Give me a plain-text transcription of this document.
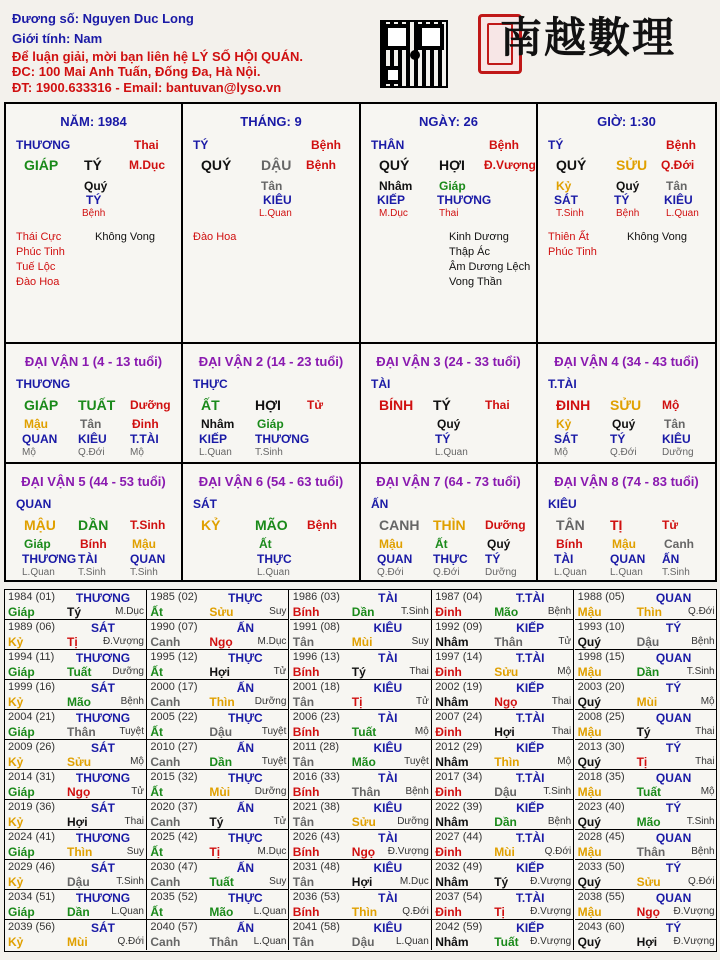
Đương số: Nguyen Duc Long
Giới tính: Nam
Để luận giải, mời bạn liên hệ LÝ SỐ HỘI QUÁN.
ĐC: 100 Mai Anh Tuấn, Đống Đa, Hà Nội.
ĐT: 1900.633316 - Email: bantuvan@lyso.vn
南越數理
NĂM: 1984
THƯƠNG	Thai
GIÁP TÝ M.Dục
Quý
TÝ
Bệnh
Thái Cực
Phúc Tinh
Tuế Lộc
Đào Hoa
Không Vong
THÁNG: 9
TÝ	Bệnh
QUÝ DẬU Bệnh
Tân
KIÊU
L.Quan
Đào Hoa
NGÀY: 26
THÂN	Bệnh
QUÝ HỢI Đ.Vượng
Nhâm
KIẾP
M.Dục
Giáp
THƯƠNG
Thai
Kinh Dương
Thập Ác
Âm Dương Lệch
Vong Thần
GIỜ: 1:30
TÝ	Bệnh
QUÝ SỬU Q.Đới
Kỷ
SÁT
T.Sinh
Quý
TÝ
Bệnh
Tân
KIÊU
L.Quan
Thiên Ất
Phúc Tinh
Không Vong
ĐẠI VẬN 1 (4 - 13 tuổi)
THƯƠNG
GIÁP TUẤT Dưỡng
Mậu
QUAN
Mộ
Tân
KIÊU
Q.Đới
Đinh
T.TÀI
Mộ
ĐẠI VẬN 2 (14 - 23 tuổi)
THỰC
ẤT	HỢI Tử
Nhâm
KIẾP
L.Quan
Giáp
THƯƠNG
T.Sinh
ĐẠI VẬN 3 (24 - 33 tuổi)
TÀI
BÍNH TÝ	Thai
Quý
TÝ
L.Quan
ĐẠI VẬN 4 (34 - 43 tuổi)
T.TÀI
ĐINH SỬU Mộ
Kỷ
SÁT
Mộ
Quý
TÝ
Q.Đới
Tân
KIÊU
Dưỡng
ĐẠI VẬN 5 (44 - 53 tuổi)
QUAN
MẬU DẦN T.Sinh
Giáp
THƯƠNG
L.Quan
Bính
TÀI
T.Sinh
Mậu
QUAN
T.Sinh
ĐẠI VẬN 6 (54 - 63 tuổi)
SÁT
KỶ MÃO Bệnh
Ất
THỰC
L.Quan
ĐẠI VẬN 7 (64 - 73 tuổi)
ẤN
CANH THÌN Dưỡng
Mậu
QUAN
Q.Đới
Ất
THỰC
Q.Đới
Quý
TÝ
Dưỡng
ĐẠI VẬN 8 (74 - 83 tuổi)
KIÊU
TÂN TỊ	Tử
Bính
TÀI
L.Quan
Mậu
QUAN
L.Quan
Canh
ẤN
T.Sinh
1984 (01)	THƯƠNG
Giáp	Tý	M.Dục
1985 (02)	THỰC
Ất	Sửu	Suy
1986 (03)	TÀI
Bính	Dần	T.Sinh
1987 (04)	T.TÀI
Đinh	Mão	Bệnh
1988 (05)	QUAN
Mậu	Thìn	Q.Đới
1989 (06)	SÁT
Kỷ	Tị	Đ.Vượng
1990 (07)	ẤN
Canh Ngọ M.Dục
1991 (08)	KIÊU
Tân	Mùi	Suy
1992 (09)	KIẾP
Nhâm Thân	Tử
1993 (10)	TÝ
Quý	Dậu	Bệnh
1994 (11)	THƯƠNG
Giáp	Tuất Dưỡng
1995 (12)	THỰC
Ất	Hợi	Tử
1996 (13)	TÀI
Bính	Tý	Thai
1997 (14)	T.TÀI
Đinh	Sửu	Mộ
1998 (15)	QUAN
Mậu	Dần	T.Sinh
1999 (16)	SÁT
Kỷ	Mão	Bệnh
2000 (17)	ẤN
Canh Thìn Dưỡng
2001 (18)	KIÊU
Tân	Tị	Tử
2002 (19)	KIẾP
Nhâm Ngọ	Thai
2003 (20)	TÝ
Quý	Mùi	Mộ
2004 (21)	THƯƠNG
Giáp	Thân Tuyệt
2005 (22)	THỰC
Ất	Dậu	Tuyệt
2006 (23)	TÀI
Bính	Tuất	Mộ
2007 (24)	T.TÀI
Đinh	Hợi	Thai
2008 (25)	QUAN
Mậu	Tý	Thai
2009 (26)	SÁT
Kỷ	Sửu	Mộ
2010 (27)	ẤN
Canh Dần	Tuyệt
2011 (28)	KIÊU
Tân	Mão	Tuyệt
2012 (29)	KIẾP
Nhâm Thìn	Mộ
2013 (30)	TÝ
Quý	Tị	Thai
2014 (31)	THƯƠNG
Giáp	Ngọ	Tử
2015 (32)	THỰC
Ất	Mùi Dưỡng
2016 (33)	TÀI
Bính	Thân Bệnh
2017 (34)	T.TÀI
Đinh	Dậu	T.Sinh
2018 (35)	QUAN
Mậu	Tuất	Mộ
2019 (36)	SÁT
Kỷ	Hợi	Thai
2020 (37)	ẤN
Canh Tý	Tử
2021 (38)	KIÊU
Tân	Sửu Dưỡng
2022 (39)	KIẾP
Nhâm Dần	Bệnh
2023 (40)	TÝ
Quý	Mão	T.Sinh
2024 (41)	THƯƠNG
Giáp	Thìn	Suy
2025 (42)	THỰC
Ất	Tị	M.Dục
2026 (43)	TÀI
Bính	Ngọ Đ.Vượng
2027 (44)	T.TÀI
Đinh	Mùi	Q.Đới
2028 (45)	QUAN
Mậu	Thân	Bệnh
2029 (46)	SÁT
Kỷ	Dậu	T.Sinh
2030 (47)	ẤN
Canh Tuất	Suy
2031 (48)	KIÊU
Tân	Hợi	M.Dục
2032 (49)	KIẾP
Nhâm Tý Đ.Vượng
2033 (50)	TÝ
Quý	Sửu	Q.Đới
2034 (51)	THƯƠNG
Giáp	Dần L.Quan
2035 (52)	THỰC
Ất	Mão L.Quan
2036 (53)	TÀI
Bính	Thìn	Q.Đới
2037 (54)	T.TÀI
Đinh	Tị	Đ.Vượng
2038 (55)	QUAN
Mậu	Ngọ Đ.Vượng
2039 (56)	SÁT
Kỷ	Mùi	Q.Đới
2040 (57)	ẤN
Canh Thân L.Quan
2041 (58)	KIÊU
Tân	Dậu L.Quan
2042 (59)	KIẾP
Nhâm Tuất Đ.Vượng
2043 (60)	TÝ
Quý	Hợi Đ.Vượng
